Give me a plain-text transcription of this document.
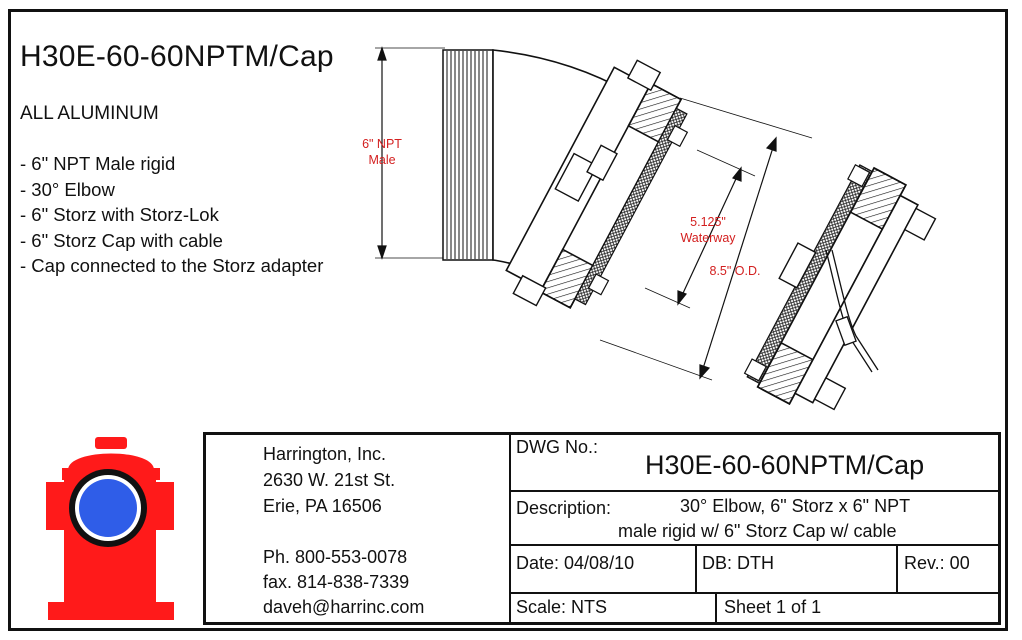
H30E-60-60NPTM/Cap
ALL ALUMINUM
- 6" NPT Male rigid
- 30° Elbow
- 6" Storz with Storz-Lok
- 6" Storz Cap with cable
- Cap connected to the Storz adapter
6" NPT
Male
5.125"
Waterway
8.5" O.D.
Harrington, Inc.
2630 W. 21st St.
Erie, PA 16506
Ph. 800-553-0078
fax. 814-838-7339
daveh@harrinc.com
DWG No.:
H30E-60-60NPTM/Cap
Description:	30° Elbow, 6" Storz x 6" NPT
male rigid w/ 6" Storz Cap w/ cable
Date: 04/08/10	DB: DTH	Rev.: 00
Scale: NTS	Sheet 1 of 1
